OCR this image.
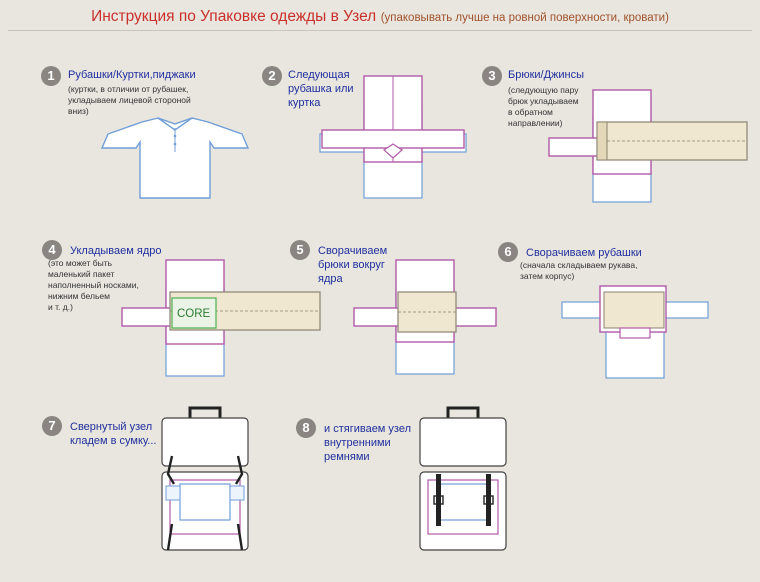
Инструкция по Упаковке одежды в Узел (упаковывать лучше на ровной поверхности, кровати)
1	Рубашки/Куртки,пиджаки
(куртки, в отличии от рубашек,
укладываем лицевой стороной
вниз)
2	Следующая
рубашка или
куртка
3	Брюки/Джинсы
(следующую пару
брюк укладываем
в обратном
направлении)
4	Укладываем ядро
(это может быть
маленький пакет
наполненный носками,
нижним бельем
и т. д.)
CORE
5	Сворачиваем
брюки вокруг
ядра
6	Сворачиваем рубашки
(сначала складываем рукава,
затем корпус)
7	Свернутый узел
кладем в сумку...
8	и стягиваем узел
внутренними
ремнями
